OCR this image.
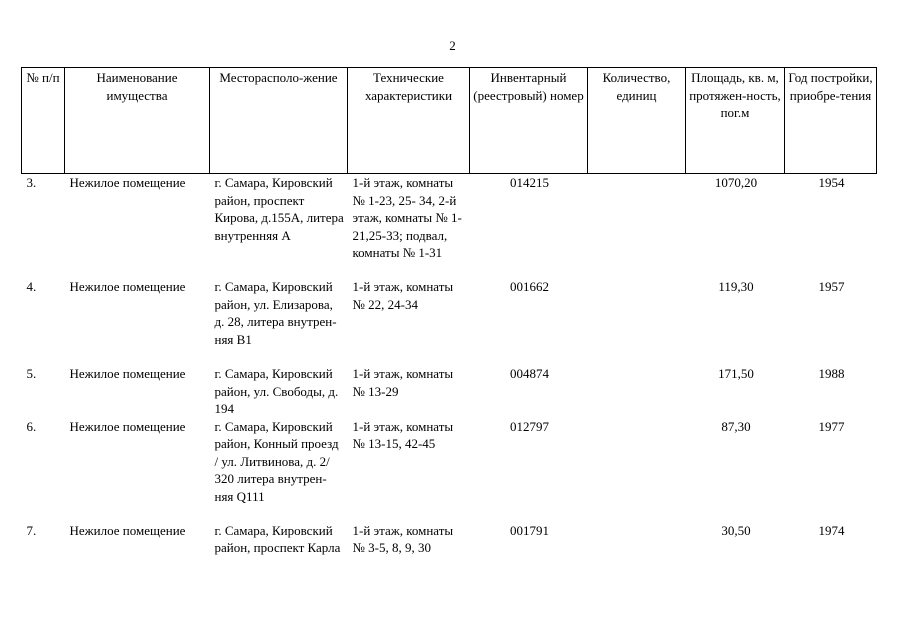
2
№ п/п	Наименование имущества	Месторасполо-жение	Технические характеристики	Инвентарный (реестровый) номер	Количество, единиц	Площадь, кв. м, протяжен-ность, пог.м	Год постройки, приобре-тения
3.	Нежилое помещение	г. Самара, Кировский район, проспект Кирова, д.155А, литера внутренняя А	1-й этаж, комнаты № 1-23, 25- 34, 2-й этаж, комнаты № 1-21,25-33; подвал, комнаты № 1-31	014215		1070,20	1954
4.	Нежилое помещение	г. Самара, Кировский район, ул. Елизарова, д. 28, литера внутрен-няя В1	1-й этаж, комнаты № 22, 24-34	001662		119,30	1957
5.	Нежилое помещение	г. Самара, Кировский район, ул. Свободы, д. 194	1-й этаж, комнаты № 13-29	004874		171,50	1988
6.	Нежилое помещение	г. Самара, Кировский район, Конный проезд / ул. Литвинова, д. 2/ 320 литера внутрен-няя Q111	1-й этаж, комнаты № 13-15, 42-45	012797		87,30	1977
7.	Нежилое помещение	г. Самара, Кировский район, проспект Карла	1-й этаж, комнаты № 3-5, 8, 9, 30	001791		30,50	1974
